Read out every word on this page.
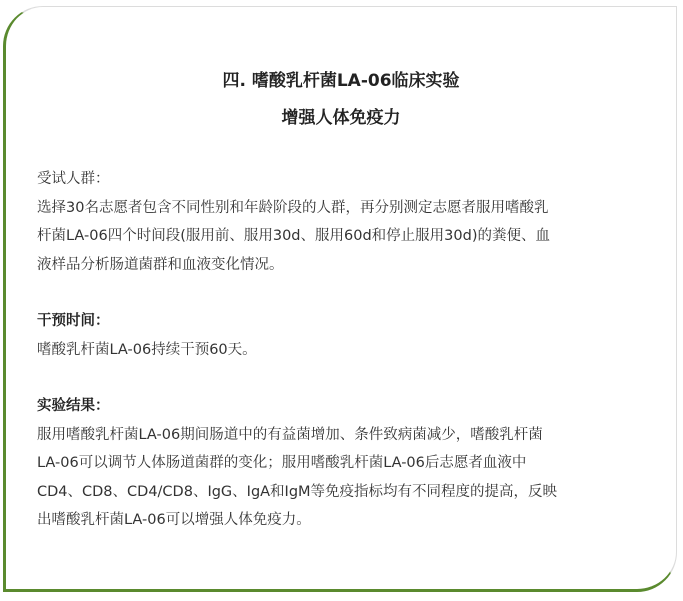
四. 嗜酸乳杆菌LA-06临床实验
增强人体免疫力
受试人群：
选择30名志愿者包含不同性别和年龄阶段的人群，再分别测定志愿者服用嗜酸乳
杆菌LA-06四个时间段(服用前、服用30d、服用60d和停止服用30d)的粪便、血
液样品分析肠道菌群和血液变化情况。
干预时间：
嗜酸乳杆菌LA-06持续干预60天。
实验结果：
服用嗜酸乳杆菌LA-06期间肠道中的有益菌增加、条件致病菌减少，嗜酸乳杆菌
LA-06可以调节人体肠道菌群的变化；服用嗜酸乳杆菌LA-06后志愿者血液中
CD4、CD8、CD4/CD8、IgG、IgA和IgM等免疫指标均有不同程度的提高，反映
出嗜酸乳杆菌LA-06可以增强人体免疫力。
